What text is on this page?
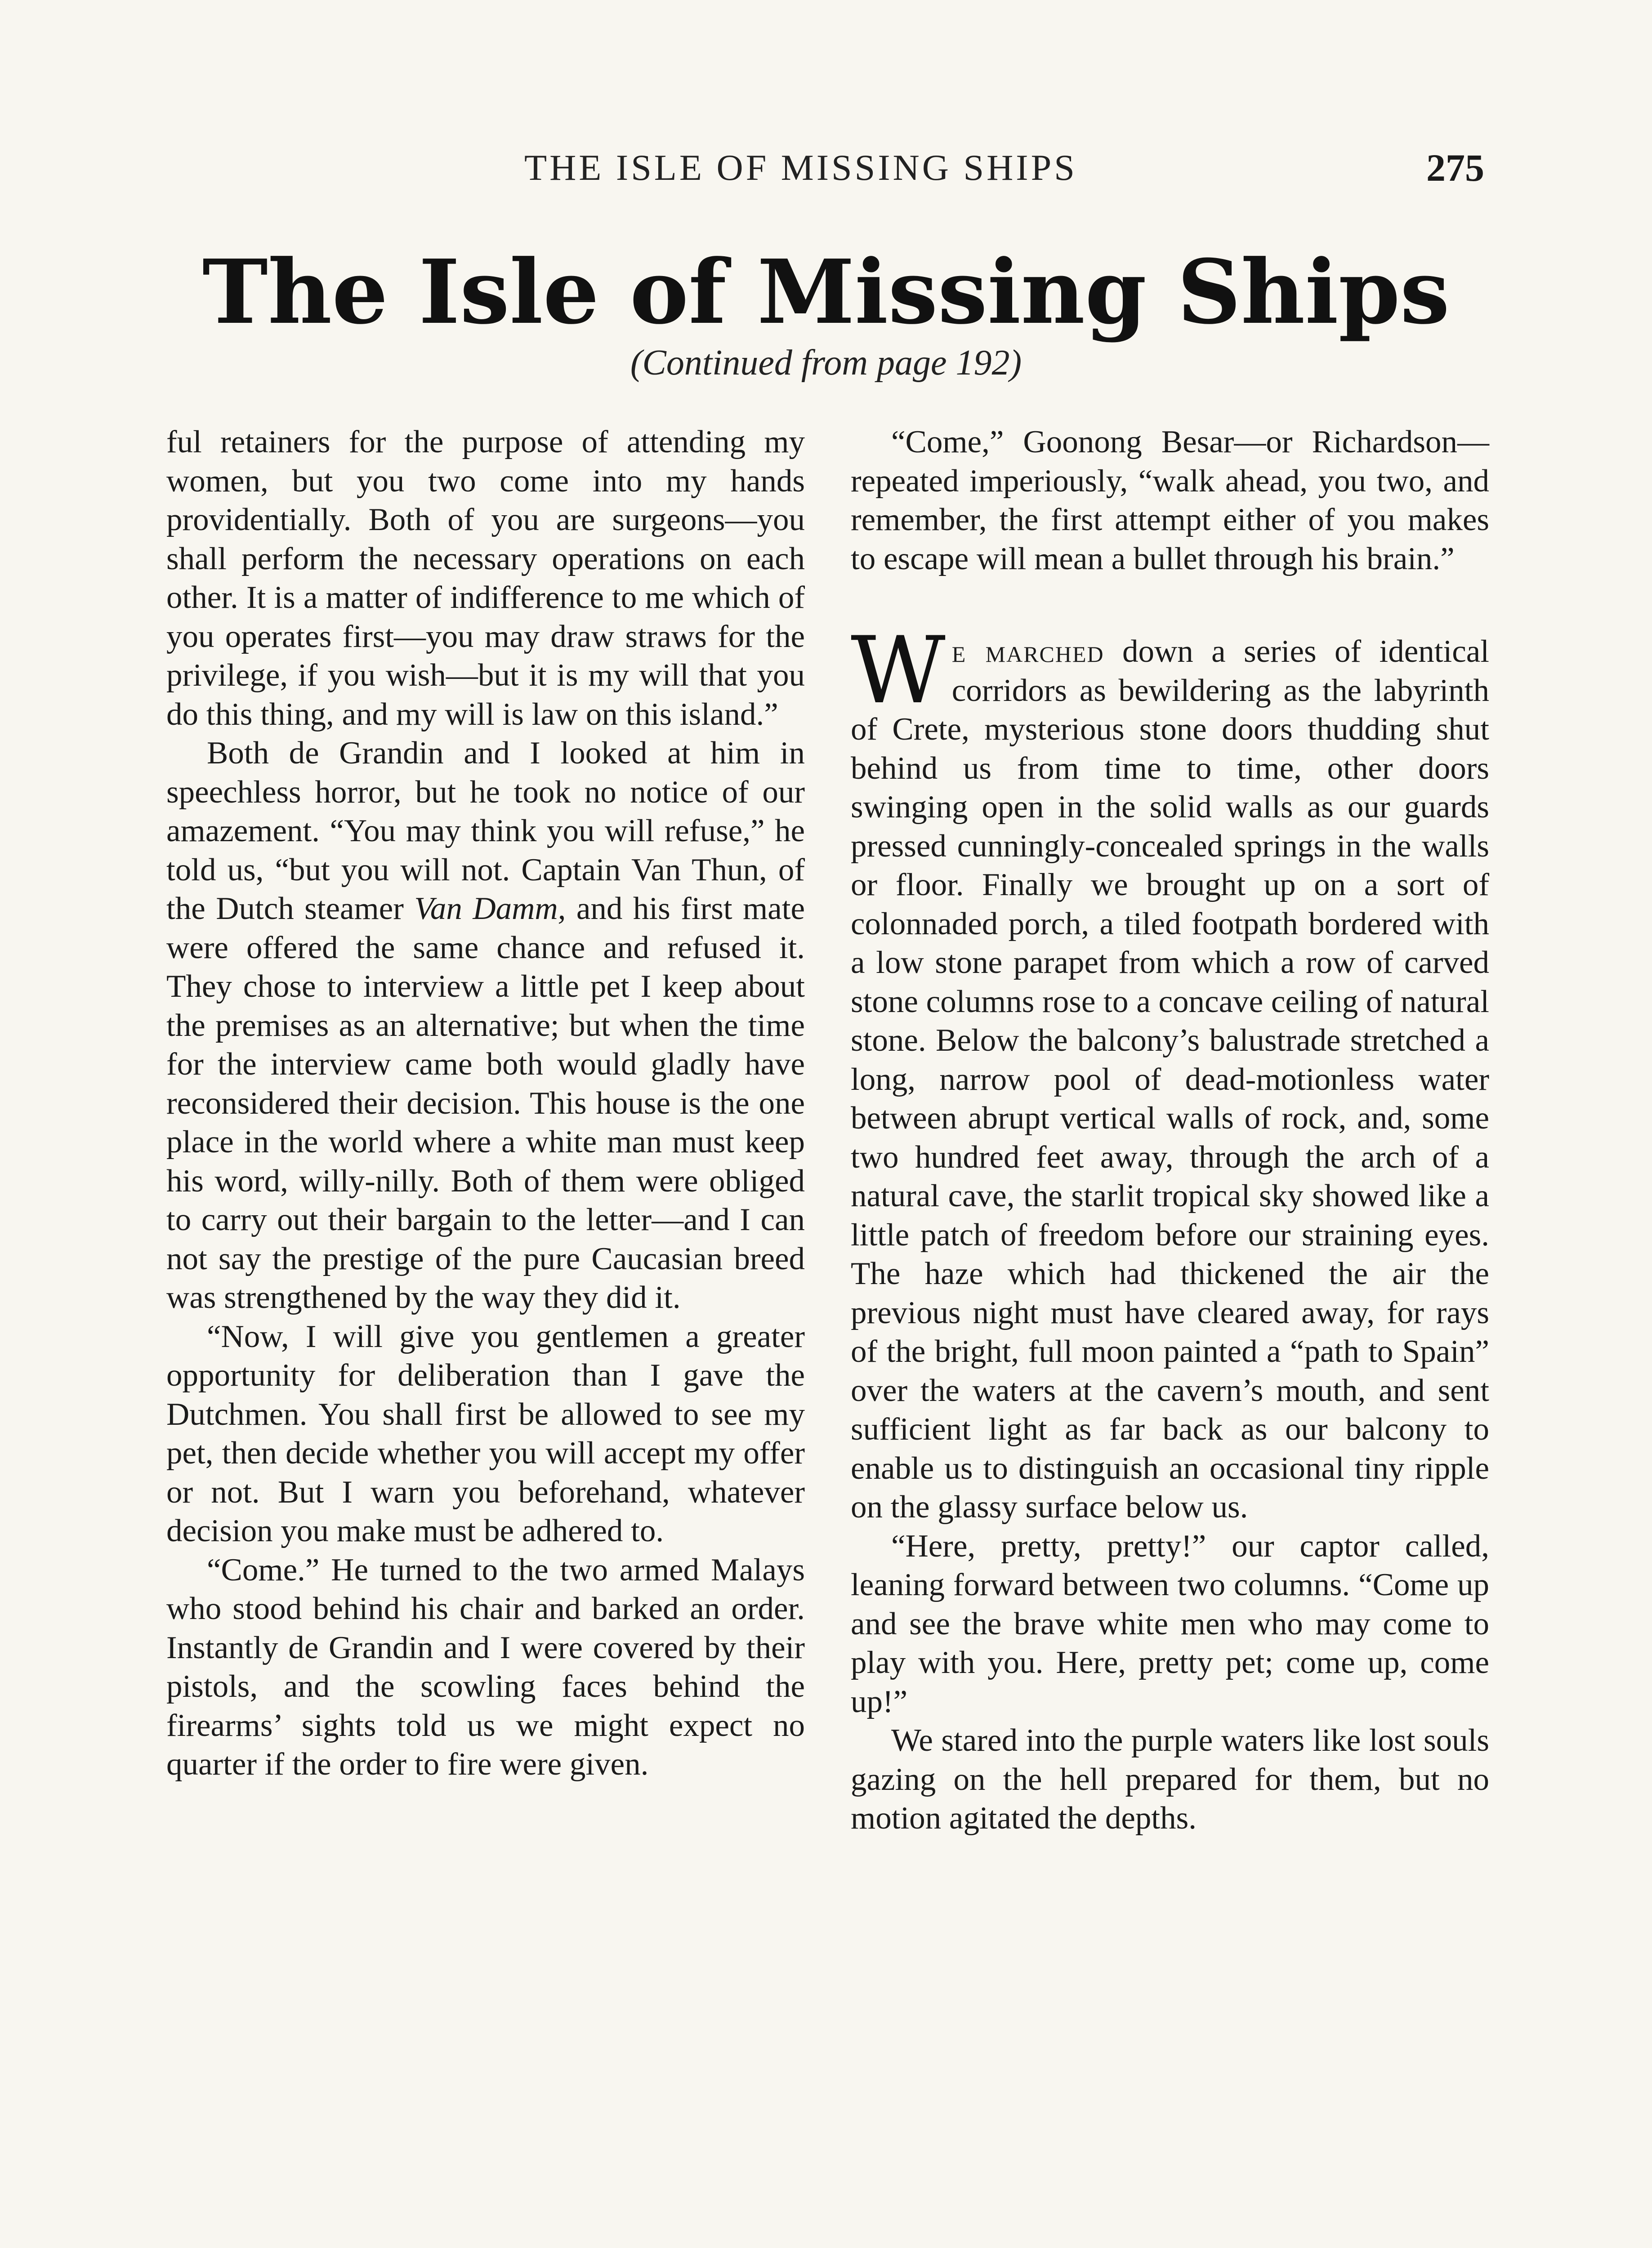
THE ISLE OF MISSING SHIPS	275
The Isle of Missing Ships
(Continued from page 192)

ful retainers for the purpose of attending my women, but you two come into my hands providentially. Both of you are surgeons—you shall perform the necessary operations on each other. It is a matter of indifference to me which of you operates first—you may draw straws for the privilege, if you wish—but it is my will that you do this thing, and my will is law on this island.”

Both de Grandin and I looked at him in speechless horror, but he took no notice of our amazement. “You may think you will refuse,” he told us, “but you will not. Captain Van Thun, of the Dutch steamer Van Damm, and his first mate were offered the same chance and refused it. They chose to interview a little pet I keep about the premises as an alternative; but when the time for the interview came both would gladly have reconsidered their decision. This house is the one place in the world where a white man must keep his word, willy-nilly. Both of them were obliged to carry out their bargain to the letter—and I can not say the prestige of the pure Caucasian breed was strengthened by the way they did it.

“Now, I will give you gentlemen a greater opportunity for deliberation than I gave the Dutchmen. You shall first be allowed to see my pet, then decide whether you will accept my offer or not. But I warn you beforehand, whatever decision you make must be adhered to.

“Come.” He turned to the two armed Malays who stood behind his chair and barked an order. Instantly de Grandin and I were covered by their pistols, and the scowling faces behind the firearms’ sights told us we might expect no quarter if the order to fire were given.

“Come,” Goonong Besar—or Richardson—repeated imperiously, “walk ahead, you two, and remember, the first attempt either of you makes to escape will mean a bullet through his brain.”

We marched down a series of identical corridors as bewildering as the labyrinth of Crete, mysterious stone doors thudding shut behind us from time to time, other doors swinging open in the solid walls as our guards pressed cunningly-concealed springs in the walls or floor. Finally we brought up on a sort of colonnaded porch, a tiled footpath bordered with a low stone parapet from which a row of carved stone columns rose to a concave ceiling of natural stone. Below the balcony’s balustrade stretched a long, narrow pool of dead-motionless water between abrupt vertical walls of rock, and, some two hundred feet away, through the arch of a natural cave, the starlit tropical sky showed like a little patch of freedom before our straining eyes. The haze which had thickened the air the previous night must have cleared away, for rays of the bright, full moon painted a “path to Spain” over the waters at the cavern’s mouth, and sent sufficient light as far back as our balcony to enable us to distinguish an occasional tiny ripple on the glassy surface below us.

“Here, pretty, pretty!” our captor called, leaning forward between two columns. “Come up and see the brave white men who may come to play with you. Here, pretty pet; come up, come up!”

We stared into the purple waters like lost souls gazing on the hell prepared for them, but no motion agitated the depths.
